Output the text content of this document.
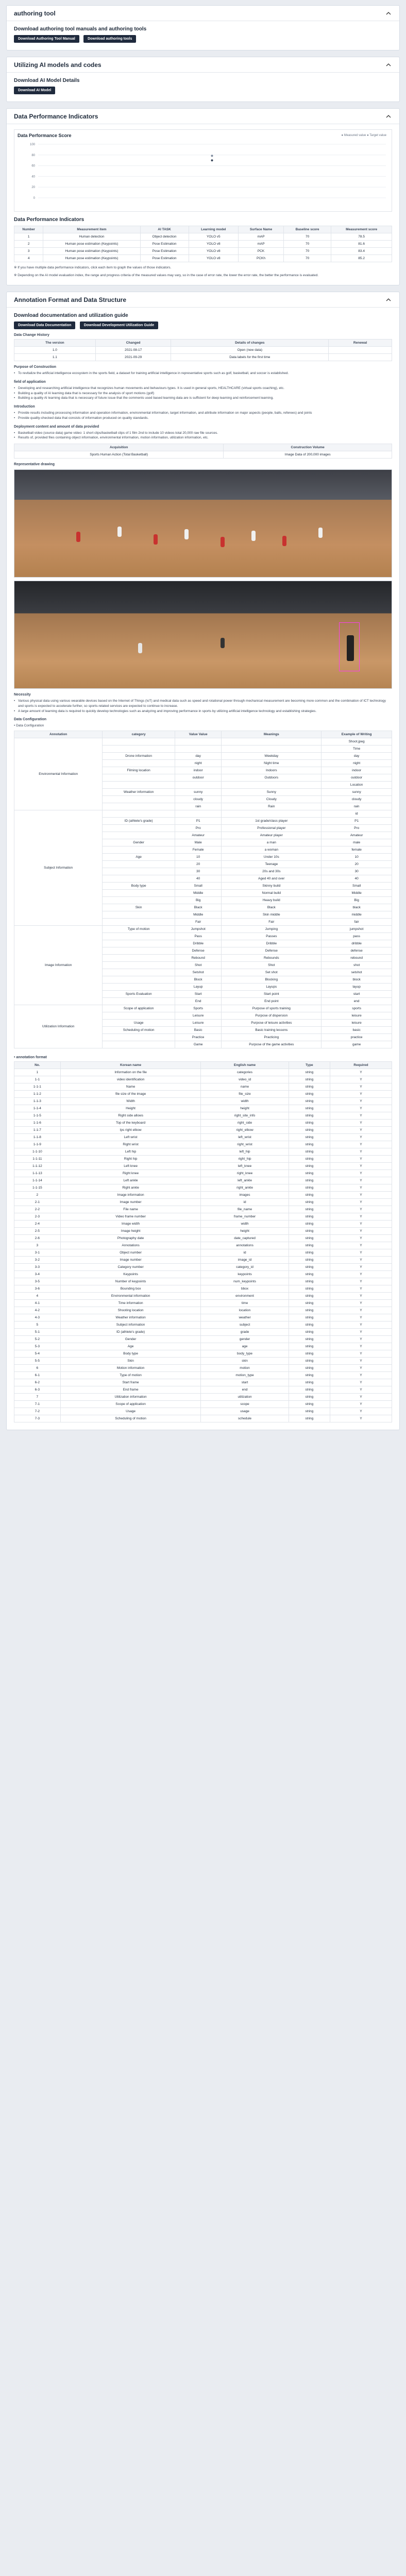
authoring tool
Download authoring tool manuals and authoring tools
Download Authoring Tool Manual	Download authoring tools
Utilizing AI models and codes
Download AI Model Details
Download AI Model
Data Performance Indicators
Data Performance Score	● Measured value ● Target value
100
80
60
40
20
0
Data Performance Indicators
Number	Measurement item	AI TASK	Learning model	Surface Name	Baseline score	Measurement score
1	Human detection	Object detection	YOLO v5	mAP	70	78.5
2	Human pose estimation (Keypoints)	Pose Estimation	YOLO v8	mAP	70	81.6
3	Human pose estimation (Keypoints)	Pose Estimation	YOLO v8	PCK	70	83.4
4	Human pose estimation (Keypoints)	Pose Estimation	YOLO v8	PCKh	70	85.2

※ If you have multiple data performance indicators, click each item to graph the values of those indicators.

※ Depending on the AI model evaluation index, the range and progress criteria of the measured values may vary, so in the case of error rate, the lower the error rate, the better the performance is evaluated.

Annotation Format and Data Structure
Download documentation and utilization guide
Download Data Documentation	Download Development Utilization Guide
Data Change History
The version	Changed	Details of changes	Renewal
1.0	2021-08-17	Open (new data)	
1.1	2021-09-29	Data labels for the first time	
Purpose of Construction
• To revitalize the artificial intelligence ecosystem in the sports field, a dataset for training artificial intelligence in representative sports such as golf, basketball, and soccer is established.
field of application
• Developing and researching artificial intelligence that recognizes human movements and behaviours types. It is used in general sports, HEALTHCARE (virtual sports coaching), etc.
• Building a quality of AI learning data that is necessary for the analysis of sport motions (golf)
• Building a quality AI learning data that is necessary of future issue that the comments used based learning data are is sufficient for deep learning and reinforcement learning.
Introduction
• Provide results including processing information and operation information, environmental information, target information, and attribute information on major aspects (people, balls, referees) and joints
• Provide quality-checked data that consists of information produced on quality standards.
Deployment content and amount of data provided
• Basketball video (source data) game video: 1 short clips/basketball clips of 1 film 2nd to include 10 videos total 20,000 raw file sources.
• Results of, provided files containing object information, environmental information, motion information, utilization information, etc.
Acquisition	Construction Volume
Sports Human Action (Total Basketball)	Image Data of 200,000 images
Representative drawing
Necessity
• Various physical data using various wearable devices based on the Internet of Things (IoT) and medical data such as speed and rotational power through mechanical measurement are becoming more common and the combination of ICT technology and sports is expected to accelerate further, so sports-related services are expected to continue to increase.
• A large amount of learning data is required to quickly develop technologies such as analyzing and improving performance in sports by utilizing artificial intelligence technology and establishing strategies.
Data Configuration
• Data Configuration
Annotation	category	Value Value	Meanings	Example of Writing
Environmental Information				Shoot.jpeg
				Time
	Drone information	day	Weekday	day
		night	Night time	night
	Filming location	indoor	Indoors	indoor
		outdoor	Outdoors	outdoor
				Location
	Weather information	sunny	Sunny	sunny
		cloudy	Cloudy	cloudy
		rain	Rain	rain
Subject Information				id
	ID (athlete's grade)	P1	1st grade/class player	P1
		Pro	Professional player	Pro
		Amateur	Amateur player	Amateur
	Gender	Male	a man	male
		Female	a woman	female
	Age	10	Under 10s	10
		20	Teenage	20
		30	20s and 30s	30
		40	Aged 40 and over	40
	Body type	Small	Skinny build	Small
		Middle	Normal build	Middle
		Big	Heavy build	Big
	Skin	Black	Black	black
		Middle	Skin middle	middle
		Fair	Fair	fair
Image Information	Type of motion	Jumpshot	Jumping	jumpshot
		Pass	Passes	pass
		Dribble	Dribble	dribble
		Defense	Defense	defense
		Rebound	Rebounds	rebound
		Shot	Shot	shot
		Setshot	Set shot	setshot
		Block	Blocking	block
		Layup	Layups	layup
	Sports Evaluation	Start	Start point	start
		End	End point	end
Utilization Information	Scope of application	Sports	Purpose of sports training	sports
		Leisure	Purpose of dispersion	leisure
	Usage	Leisure	Purpose of leisure activities	leisure
	Scheduling of motion	Basic	Basic training lessons	basic
		Practice	Practicing	practice
		Game	Purpose of the game activities	game
• annotation format
No.	Korean name	English name	Type	Required
1	Information on the file	categories	string	Y
1-1	video identification	video_id	string	Y
1-1-1	Name	name	string	Y
1-1-2	file size of the image	file_size	string	Y
1-1-3	Width	width	string	Y
1-1-4	Height	height	string	Y
1-1-5	Right side allows	right_site_info	string	Y
1-1-6	Top of the keyboard	right_side	string	Y
1-1-7	Ips right elbow	right_elbow	string	Y
1-1-8	Left wrist	left_wrist	string	Y
1-1-9	Right wrist	right_wrist	string	Y
1-1-10	Left hip	left_hip	string	Y
1-1-11	Right hip	right_hip	string	Y
1-1-12	Left knee	left_knee	string	Y
1-1-13	Right knee	right_knee	string	Y
1-1-14	Left ankle	left_ankle	string	Y
1-1-15	Right ankle	right_ankle	string	Y
2	Image information	images	string	Y
2-1	Image number	id	string	Y
2-2	File name	file_name	string	Y
2-3	Video frame number	frame_number	string	Y
2-4	Image width	width	string	Y
2-5	Image height	height	string	Y
2-6	Photography date	date_captured	string	Y
3	Annotations	annotations	string	Y
3-1	Object number	id	string	Y
3-2	Image number	image_id	string	Y
3-3	Category number	category_id	string	Y
3-4	Keypoints	keypoints	string	Y
3-5	Number of keypoints	num_keypoints	string	Y
3-6	Bounding box	bbox	string	Y
4	Environmental information	environment	string	Y
4-1	Time information	time	string	Y
4-2	Shooting location	location	string	Y
4-3	Weather information	weather	string	Y
5	Subject information	subject	string	Y
5-1	ID (athlete's grade)	grade	string	Y
5-2	Gender	gender	string	Y
5-3	Age	age	string	Y
5-4	Body type	body_type	string	Y
5-5	Skin	skin	string	Y
6	Motion information	motion	string	Y
6-1	Type of motion	motion_type	string	Y
6-2	Start frame	start	string	Y
6-3	End frame	end	string	Y
7	Utilization information	utilization	string	Y
7-1	Scope of application	scope	string	Y
7-2	Usage	usage	string	Y
7-3	Scheduling of motion	schedule	string	Y
